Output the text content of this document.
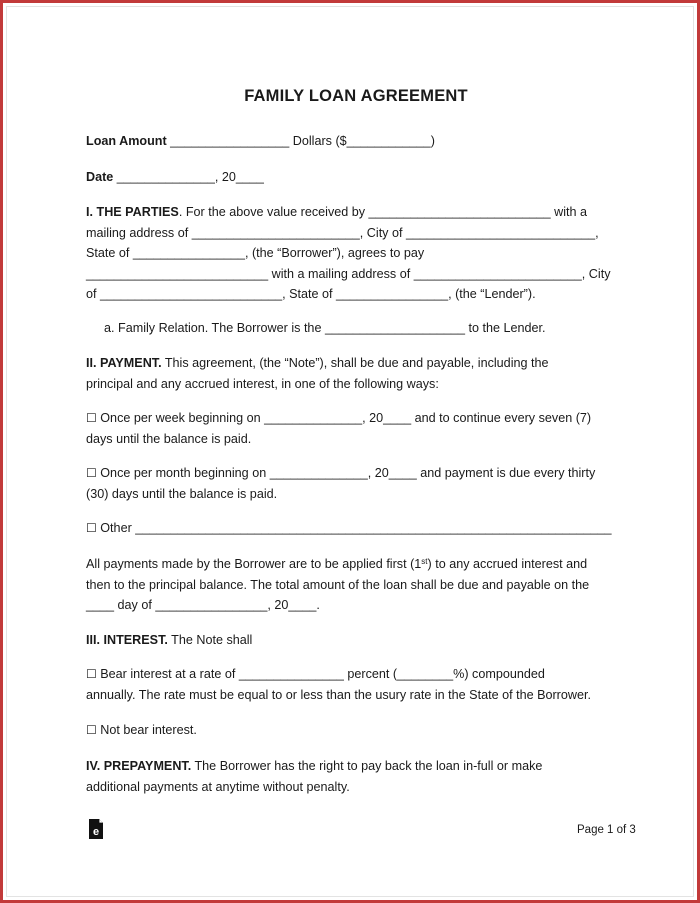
FAMILY LOAN AGREEMENT
Loan Amount _________________ Dollars ($____________)
Date ______________, 20____
I. THE PARTIES. For the above value received by __________________________ with a
mailing address of ________________________, City of ___________________________,
State of ________________, (the “Borrower”), agrees to pay
__________________________ with a mailing address of ________________________, City
of __________________________, State of ________________, (the “Lender”).
a. Family Relation. The Borrower is the ____________________ to the Lender.
II. PAYMENT. This agreement, (the “Note”), shall be due and payable, including the
principal and any accrued interest, in one of the following ways:
☐ Once per week beginning on ______________, 20____ and to continue every seven (7)
days until the balance is paid.
☐ Once per month beginning on ______________, 20____ and payment is due every thirty
(30) days until the balance is paid.
☐ Other ____________________________________________________________________
All payments made by the Borrower are to be applied first (1st) to any accrued interest and
then to the principal balance. The total amount of the loan shall be due and payable on the
____ day of ________________, 20____.
III. INTEREST. The Note shall
☐ Bear interest at a rate of _______________ percent (________%) compounded
annually. The rate must be equal to or less than the usury rate in the State of the Borrower.
☐ Not bear interest.
IV. PREPAYMENT. The Borrower has the right to pay back the loan in-full or make
additional payments at anytime without penalty.
e	Page 1 of 3
